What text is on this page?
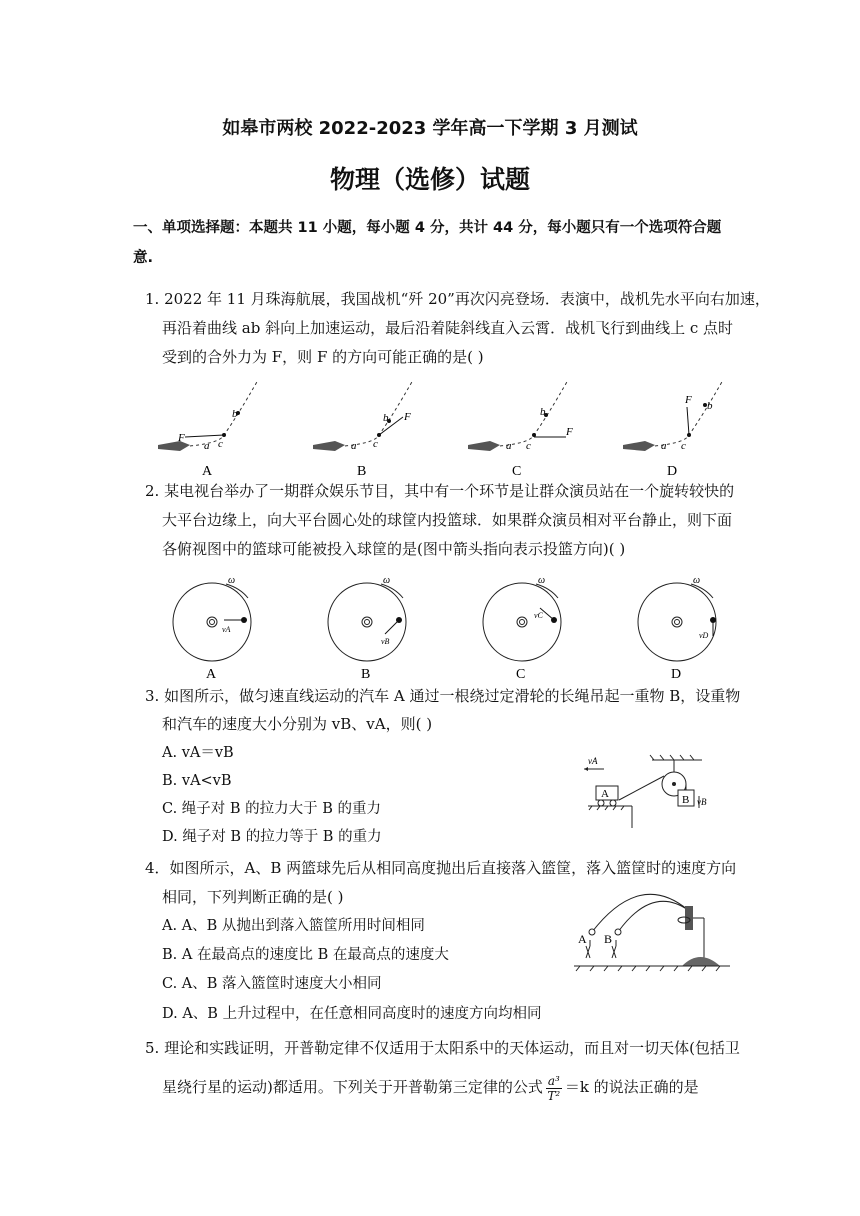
如皋市两校 2022-2023 学年高一下学期 3 月测试
物理（选修）试题
一、单项选择题：本题共 11 小题，每小题 4 分，共计 44 分，每小题只有一个选项符合题
意.
1. 2022 年 11 月珠海航展，我国战机“歼 20”再次闪亮登场．表演中，战机先水平向右加速，
再沿着曲线 ab 斜向上加速运动，最后沿着陡斜线直入云霄．战机飞行到曲线上 c 点时
受到的合外力为 F，则 F 的方向可能正确的是( )
F
a
b
c
A
F
a
b
c
B
F
a
b
c
C
F
a
b
c
D
2. 某电视台举办了一期群众娱乐节目，其中有一个环节是让群众演员站在一个旋转较快的
大平台边缘上，向大平台圆心处的球筐内投篮球．如果群众演员相对平台静止，则下面
各俯视图中的篮球可能被投入球筐的是(图中箭头指向表示投篮方向)( )
ω
vA
A
ω
vB
B
ω
vC
C
ω
vD
D
3. 如图所示，做匀速直线运动的汽车 A 通过一根绕过定滑轮的长绳吊起一重物 B，设重物
和汽车的速度大小分别为 vB、vA，则( )
A. vA＝vB
B. vA<vB
C. 绳子对 B 的拉力大于 B 的重力
D. 绳子对 B 的拉力等于 B 的重力
B vB
A
vA
4．如图所示，A、B 两篮球先后从相同高度抛出后直接落入篮筐，落入篮筐时的速度方向
相同，下列判断正确的是( )
A. A、B 从抛出到落入篮筐所用时间相同
B. A 在最高点的速度比 B 在最高点的速度大
C. A、B 落入篮筐时速度大小相同
D. A、B 上升过程中，在任意相同高度时的速度方向均相同
A B
5. 理论和实践证明，开普勒定律不仅适用于太阳系中的天体运动，而且对一切天体(包括卫
星绕行星的运动)都适用。下列关于开普勒第三定律的公式 $\frac{\text{a³}}{\text{T²}} =k$ 的说法正确的是
